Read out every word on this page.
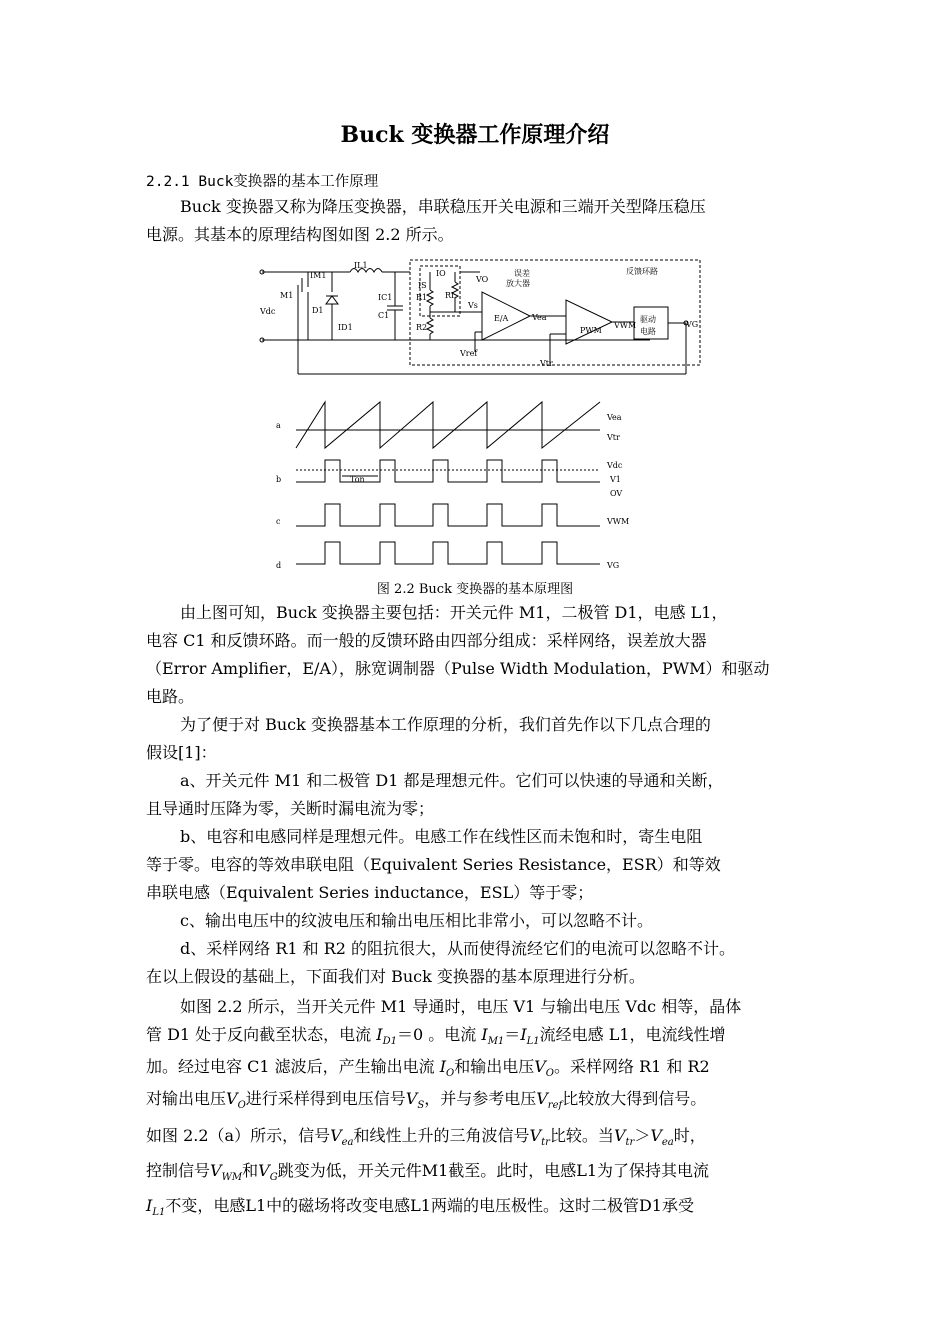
Buck 变换器工作原理介绍
2.2.1 Buck变换器的基本工作原理
Buck 变换器又称为降压变换器，串联稳压开关电源和三端开关型降压稳压
电源。其基本的原理结构图如图 2.2 所示。
Vdc
M1
D1
C1
R1
R2
IM1
IL1
IC1
ID1
IO
IS
RL
VO
Vs
Vref
Vea
Vtr
VWM	VG
E/A
PWM
误差
放大器
反馈环路
驱动
电路
a
b
c
d
Vea
Vtr
Vdc
V1
OV
Ton
VWM
VG
图 2.2 Buck 变换器的基本原理图
由上图可知，Buck 变换器主要包括：开关元件 M1，二极管 D1，电感 L1，
电容 C1 和反馈环路。而一般的反馈环路由四部分组成：采样网络，误差放大器
（Error Amplifier，E/A），脉宽调制器（Pulse Width Modulation，PWM）和驱动
电路。
为了便于对 Buck 变换器基本工作原理的分析，我们首先作以下几点合理的
假设[1]：
a、开关元件 M1 和二极管 D1 都是理想元件。它们可以快速的导通和关断，
且导通时压降为零，关断时漏电流为零；
b、电容和电感同样是理想元件。电感工作在线性区而未饱和时，寄生电阻
等于零。电容的等效串联电阻（Equivalent Series Resistance，ESR）和等效
串联电感（Equivalent Series inductance，ESL）等于零；
c、输出电压中的纹波电压和输出电压相比非常小，可以忽略不计。
d、采样网络 R1 和 R2 的阻抗很大，从而使得流经它们的电流可以忽略不计。
在以上假设的基础上，下面我们对 Buck 变换器的基本原理进行分析。
如图 2.2 所示，当开关元件 M1 导通时，电压 V1 与输出电压 Vdc 相等，晶体
管 D1 处于反向截至状态，电流 $I_{D1}=0$ 。电流 $I_{M1}=I_{L1}$流经电感 L1，电流线性增
加。经过电容 C1 滤波后，产生输出电流 $I_O$和输出电压$V_O$。采样网络 R1 和 R2
对输出电压$V_O$进行采样得到电压信号$V_S$，并与参考电压$V_{ref}$比较放大得到信号。
如图 2.2（a）所示，信号$V_{ea}$和线性上升的三角波信号$V_{tr}$比较。当$V_{tr}>V_{ea}$时，
控制信号$V_{WM}$和$V_G$跳变为低，开关元件M1截至。此时，电感L1为了保持其电流
$I_{L1}$不变，电感L1中的磁场将改变电感L1两端的电压极性。这时二极管D1承受
